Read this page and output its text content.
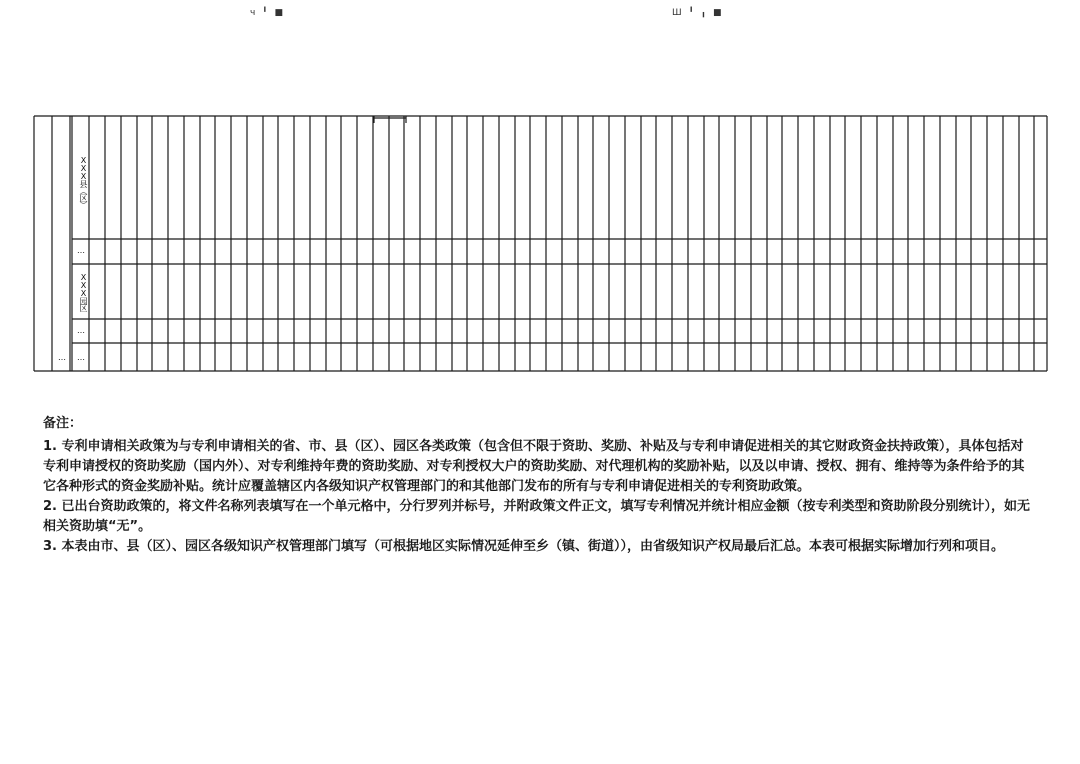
ч ╹ ■	Ш ╹ ╻ ■
XXX县（区）
…
XXX园区
…
…	…

备注：

1. 专利申请相关政策为与专利申请相关的省、市、县（区）、园区各类政策（包含但不限于资助、奖励、补贴及与专利申请促进相关的其它财政资金扶持政策），具体包括对专利申请授权的资助奖励（国内外）、对专利维持年费的资助奖励、对专利授权大户的资助奖励、对代理机构的奖励补贴，以及以申请、授权、拥有、维持等为条件给予的其它各种形式的资金奖励补贴。统计应覆盖辖区内各级知识产权管理部门的和其他部门发布的所有与专利申请促进相关的专利资助政策。

2. 已出台资助政策的，将文件名称列表填写在一个单元格中，分行罗列并标号，并附政策文件正文，填写专利情况并统计相应金额（按专利类型和资助阶段分别统计），如无相关资助填“无”。

3. 本表由市、县（区）、园区各级知识产权管理部门填写（可根据地区实际情况延伸至乡（镇、街道）），由省级知识产权局最后汇总。本表可根据实际增加行列和项目。
